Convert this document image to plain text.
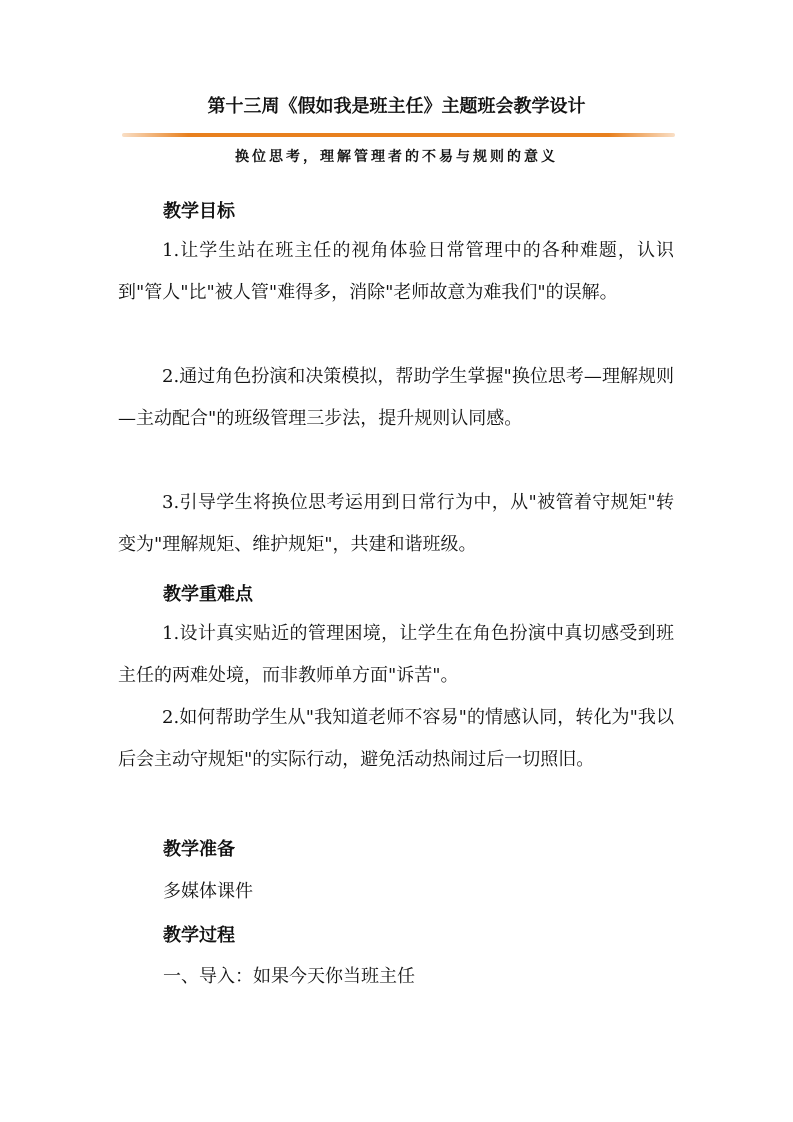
第十三周《假如我是班主任》主题班会教学设计
换位思考，理解管理者的不易与规则的意义
教学目标
1.让学生站在班主任的视角体验日常管理中的各种难题，认识到"管人"比"被人管"难得多，消除"老师故意为难我们"的误解。
2.通过角色扮演和决策模拟，帮助学生掌握"换位思考—理解规则—主动配合"的班级管理三步法，提升规则认同感。
3.引导学生将换位思考运用到日常行为中，从"被管着守规矩"转变为"理解规矩、维护规矩"，共建和谐班级。
教学重难点
1.设计真实贴近的管理困境，让学生在角色扮演中真切感受到班主任的两难处境，而非教师单方面"诉苦"。
2.如何帮助学生从"我知道老师不容易"的情感认同，转化为"我以后会主动守规矩"的实际行动，避免活动热闹过后一切照旧。
教学准备
多媒体课件
教学过程
一、导入：如果今天你当班主任
